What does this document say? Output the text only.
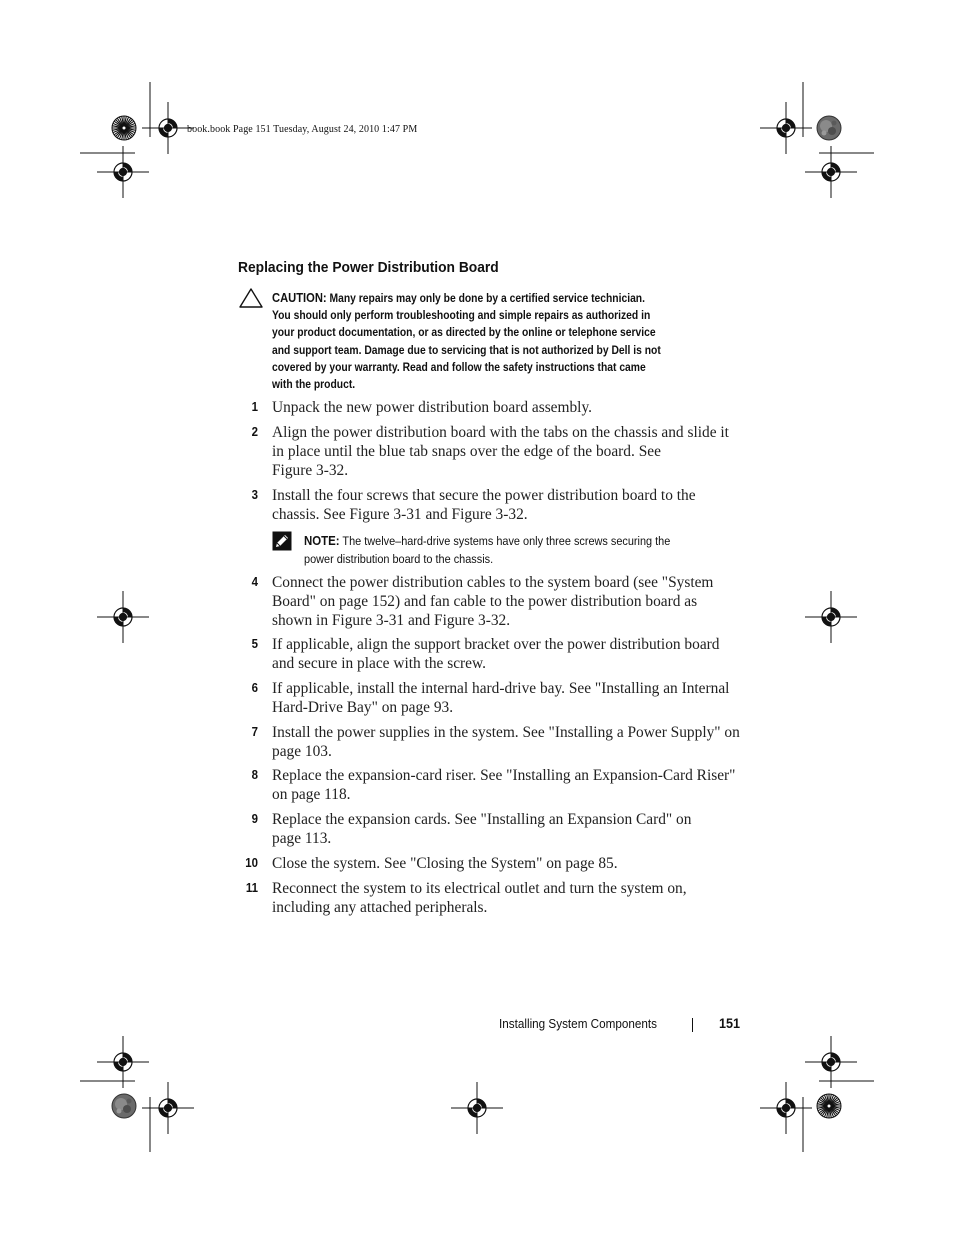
book.book Page 151 Tuesday, August 24, 2010 1:47 PM
Replacing the Power Distribution Board
CAUTION: Many repairs may only be done by a certified service technician.
You should only perform troubleshooting and simple repairs as authorized in
your product documentation, or as directed by the online or telephone service
and support team. Damage due to servicing that is not authorized by Dell is not
covered by your warranty. Read and follow the safety instructions that came
with the product.
1 Unpack the new power distribution board assembly.
2 Align the power distribution board with the tabs on the chassis and slide it
in place until the blue tab snaps over the edge of the board. See
Figure 3-32.
3 Install the four screws that secure the power distribution board to the
chassis. See Figure 3-31 and Figure 3-32.
NOTE: The twelve–hard-drive systems have only three screws securing the
power distribution board to the chassis.
4 Connect the power distribution cables to the system board (see "System
Board" on page 152) and fan cable to the power distribution board as
shown in Figure 3-31 and Figure 3-32.
5 If applicable, align the support bracket over the power distribution board
and secure in place with the screw.
6 If applicable, install the internal hard-drive bay. See "Installing an Internal
Hard-Drive Bay" on page 93.
7 Install the power supplies in the system. See "Installing a Power Supply" on
page 103.
8 Replace the expansion-card riser. See "Installing an Expansion-Card Riser"
on page 118.
9 Replace the expansion cards. See "Installing an Expansion Card" on
page 113.
10 Close the system. See "Closing the System" on page 85.
11 Reconnect the system to its electrical outlet and turn the system on,
including any attached peripherals.
Installing System Components	151
